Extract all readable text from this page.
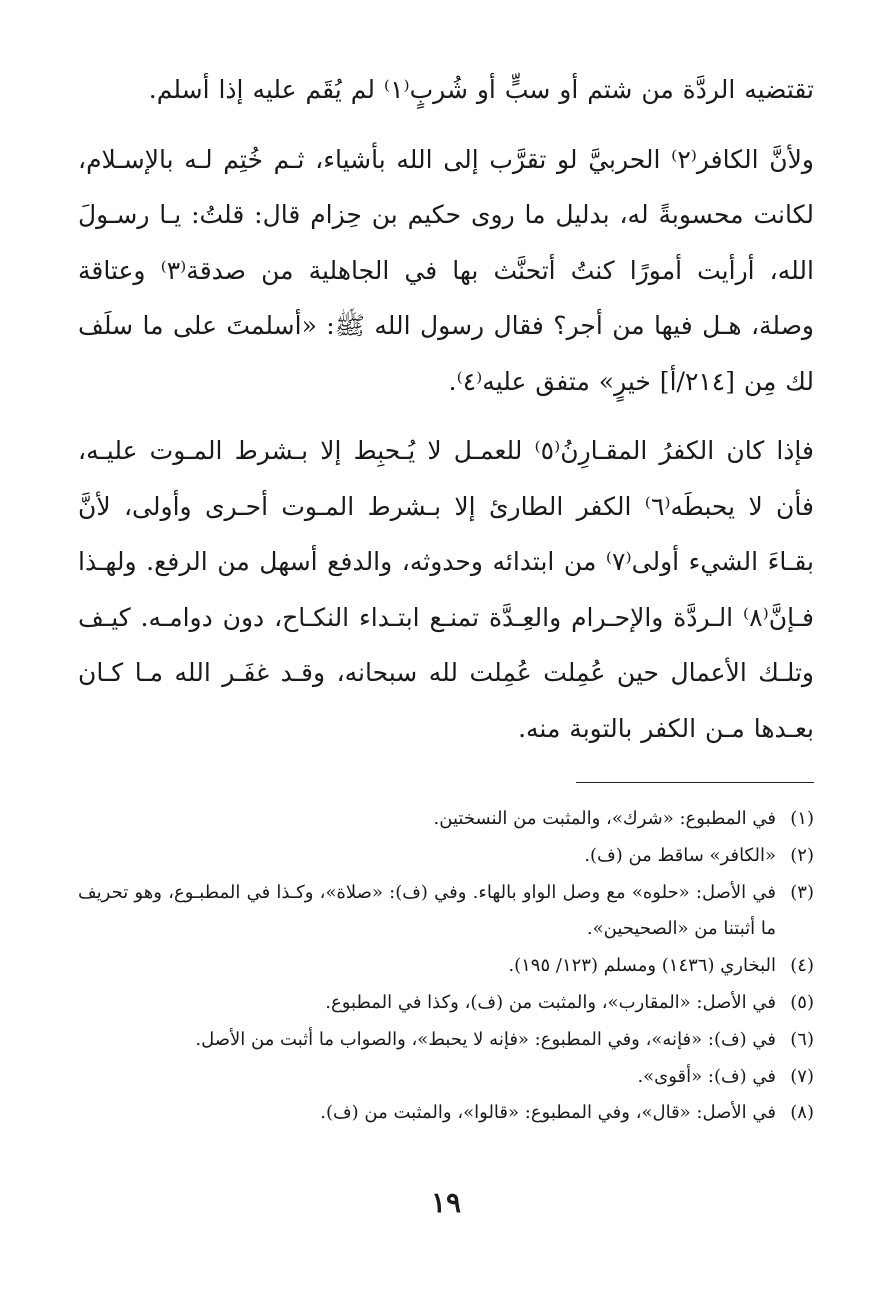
تقتضيه الردَّة من شتم أو سبٍّ أو شُربٍ⁽١⁾ لم يُقَم عليه إذا أسلم.

ولأنَّ الكافر⁽٢⁾ الحربيَّ لو تقرَّب إلى الله بأشياء، ثـم خُتِم لـه بالإسـلام، لكانت محسوبةً له، بدليل ما روى حكيم بن حِزام قال: قلتُ: يـا رسـولَ الله، أرأيت أمورًا كنتُ أتحنَّث بها في الجاهلية من صدقة⁽٣⁾ وعتاقة وصلة، هـل فيها من أجر؟ فقال رسول الله ﷺ: «أسلمتَ على ما سلَف لك مِن [٢١٤/أ] خيرٍ» متفق عليه⁽٤⁾.

فإذا كان الكفرُ المقـارِنُ⁽٥⁾ للعمـل لا يُـحبِط إلا بـشرط المـوت عليـه، فأن لا يحبطَه⁽٦⁾ الكفر الطارئ إلا بـشرط المـوت أحـرى وأولى، لأنَّ بقـاءَ الشيء أولى⁽٧⁾ من ابتدائه وحدوثه، والدفع أسهل من الرفع. ولهـذا فـإنَّ⁽٨⁾ الـردَّة والإحـرام والعِـدَّة تمنـع ابتـداء النكـاح، دون دوامـه. كيـف وتلـك الأعمال حين عُمِلت عُمِلت لله سبحانه، وقـد غفَـر الله مـا كـان بعـدها مـن الكفر بالتوبة منه.

(١)
في المطبوع: «شرك»، والمثبت من النسختين.
(٢)
«الكافر» ساقط من (ف).
(٣)
في الأصل: «حلوه» مع وصل الواو بالهاء. وفي (ف): «صلاة»، وكـذا في المطبـوع، وهو تحريف ما أثبتنا من «الصحيحين».
(٤)
البخاري (١٤٣٦) ومسلم (١٢٣/ ١٩٥).
(٥)
في الأصل: «المقارب»، والمثبت من (ف)، وكذا في المطبوع.
(٦)
في (ف): «فإنه»، وفي المطبوع: «فإنه لا يحبط»، والصواب ما أثبت من الأصل.
(٧)
في (ف): «أقوى».
(٨)
في الأصل: «قال»، وفي المطبوع: «قالوا»، والمثبت من (ف).
١٩
